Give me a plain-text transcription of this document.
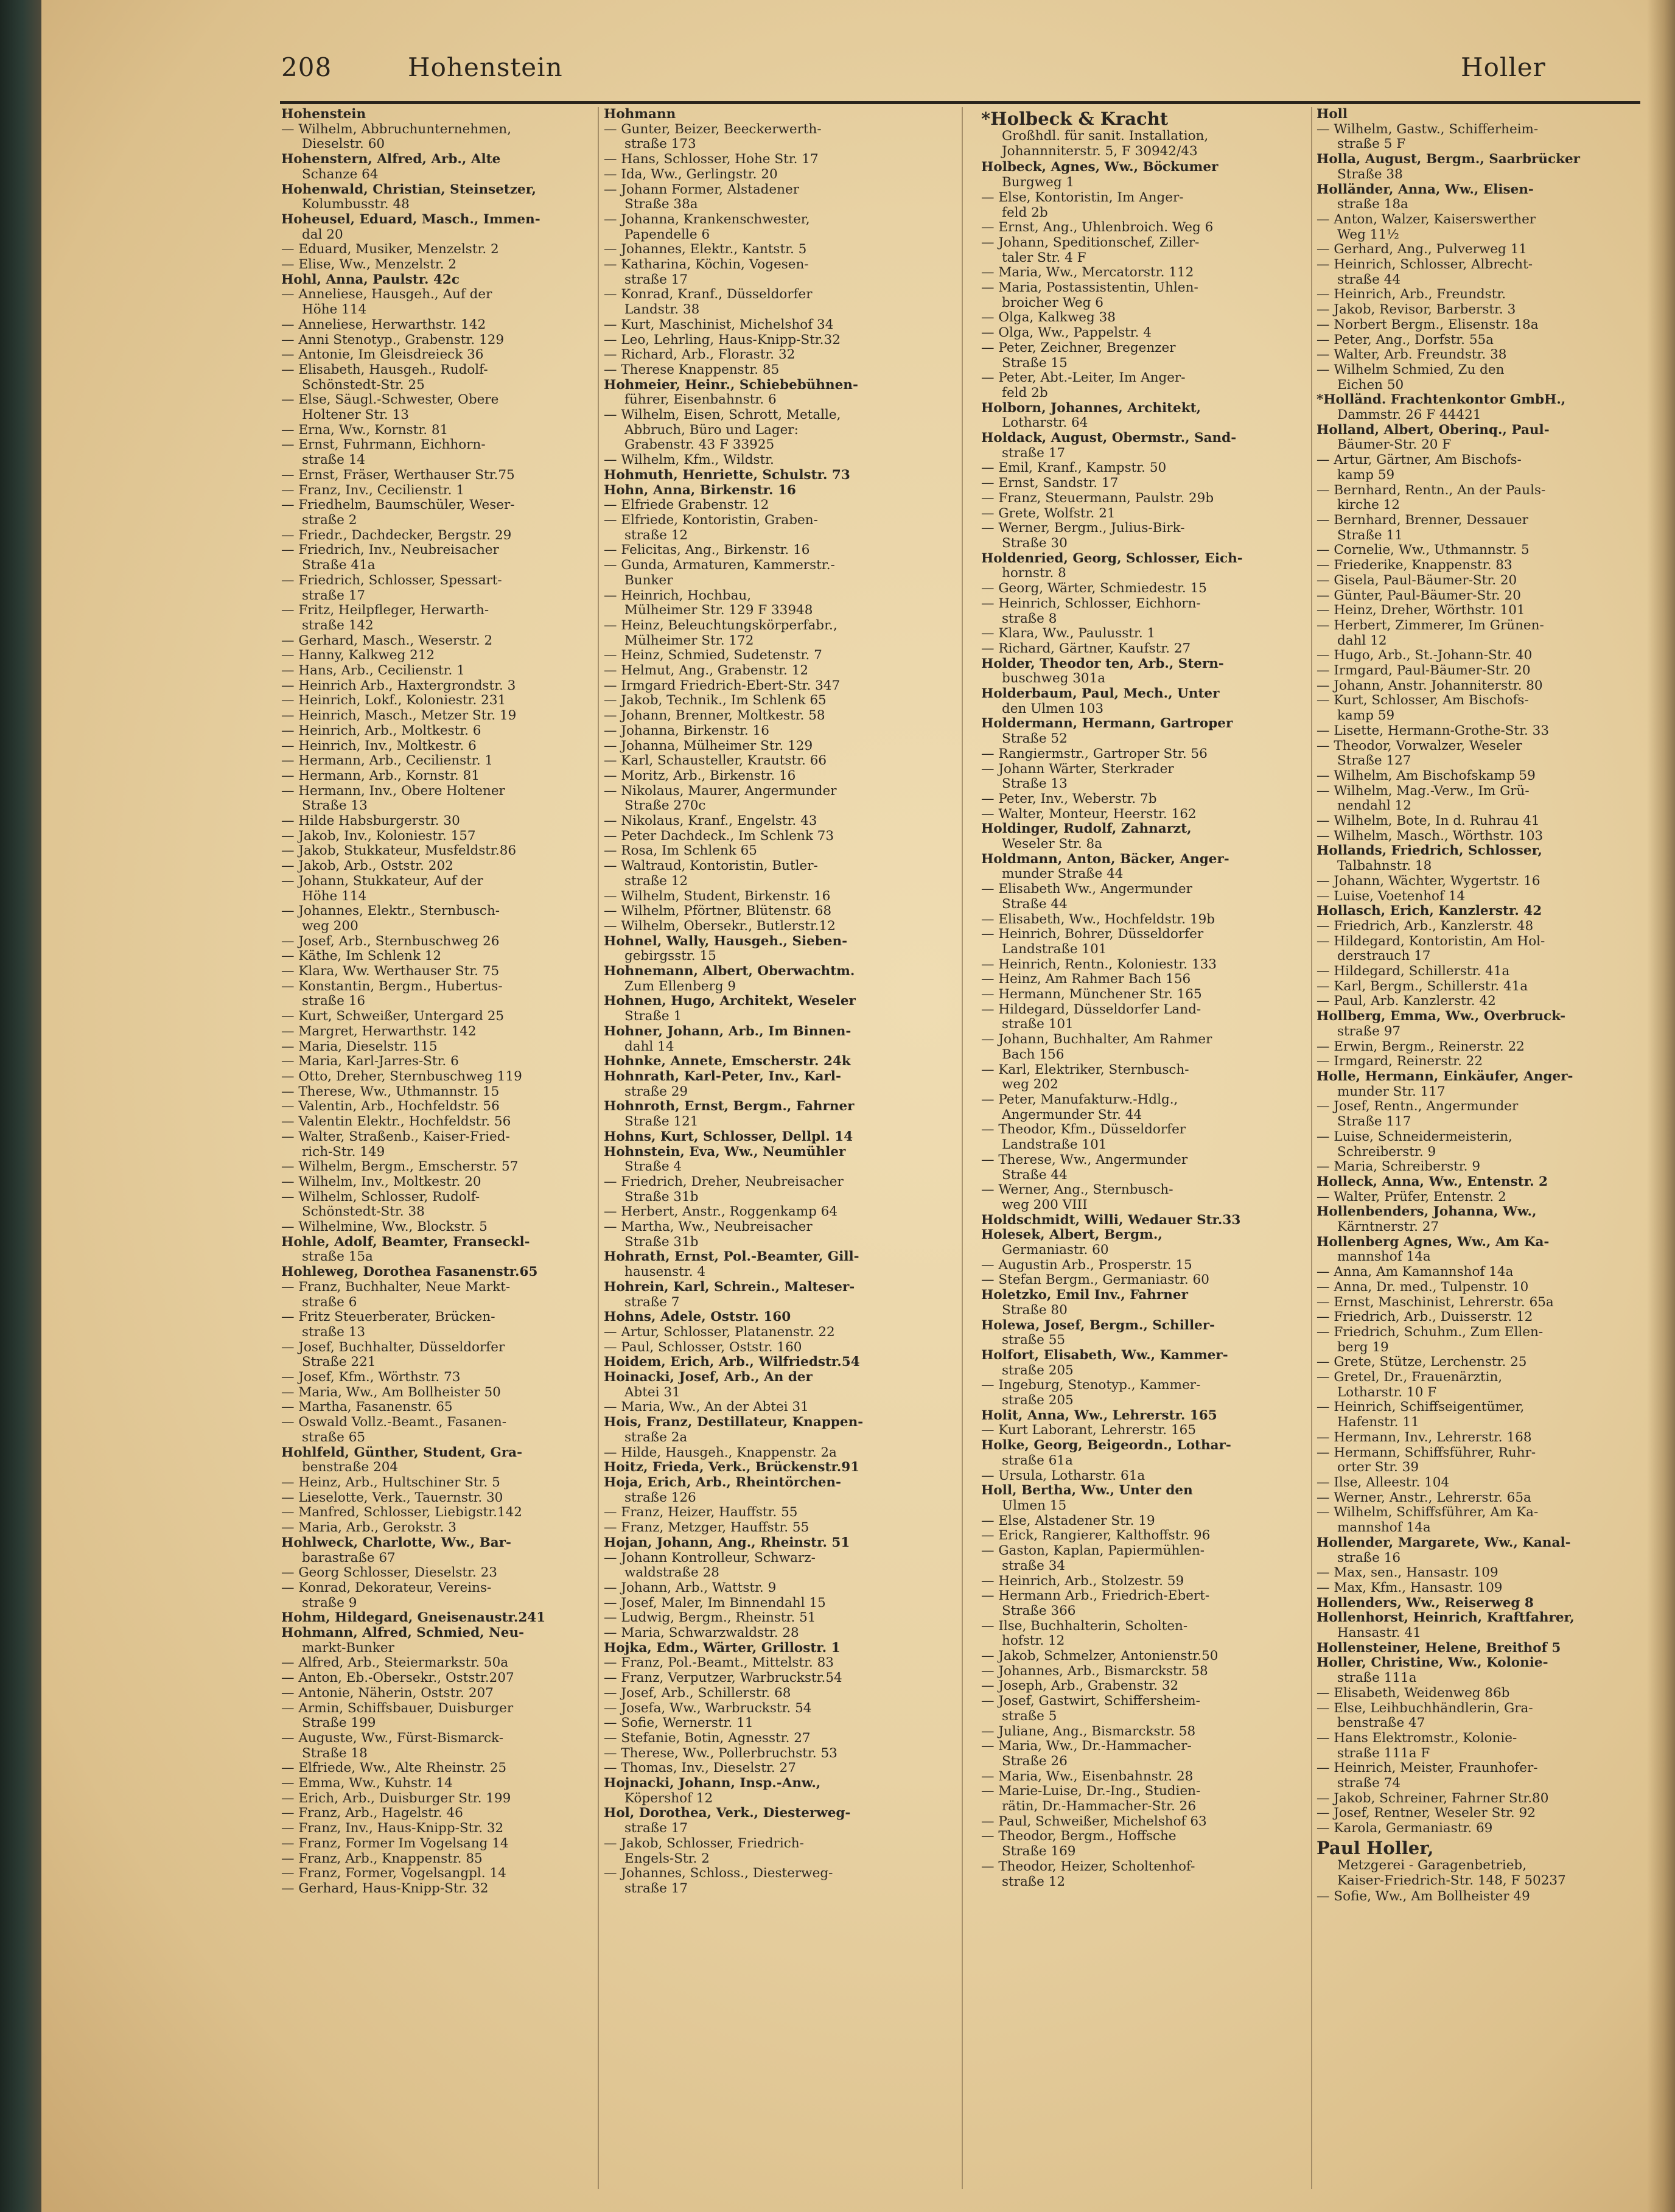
208	Hohenstein	Holler
Hohenstein
— Wilhelm, Abbruchunternehmen,
Dieselstr. 60
Hohenstern, Alfred, Arb., Alte
Schanze 64
Hohenwald, Christian, Steinsetzer,
Kolumbusstr. 48
Hoheusel, Eduard, Masch., Immen-
dal 20
— Eduard, Musiker, Menzelstr. 2
— Elise, Ww., Menzelstr. 2
Hohl, Anna, Paulstr. 42c
— Anneliese, Hausgeh., Auf der
Höhe 114
— Anneliese, Herwarthstr. 142
— Anni Stenotyp., Grabenstr. 129
— Antonie, Im Gleisdreieck 36
— Elisabeth, Hausgeh., Rudolf-
Schönstedt-Str. 25
— Else, Säugl.-Schwester, Obere
Holtener Str. 13
— Erna, Ww., Kornstr. 81
— Ernst, Fuhrmann, Eichhorn-
straße 14
— Ernst, Fräser, Werthauser Str.75
— Franz, Inv., Cecilienstr. 1
— Friedhelm, Baumschüler, Weser-
straße 2
— Friedr., Dachdecker, Bergstr. 29
— Friedrich, Inv., Neubreisacher
Straße 41a
— Friedrich, Schlosser, Spessart-
straße 17
— Fritz, Heilpfleger, Herwarth-
straße 142
— Gerhard, Masch., Weserstr. 2
— Hanny, Kalkweg 212
— Hans, Arb., Cecilienstr. 1
— Heinrich Arb., Haxtergrondstr. 3
— Heinrich, Lokf., Koloniestr. 231
— Heinrich, Masch., Metzer Str. 19
— Heinrich, Arb., Moltkestr. 6
— Heinrich, Inv., Moltkestr. 6
— Hermann, Arb., Cecilienstr. 1
— Hermann, Arb., Kornstr. 81
— Hermann, Inv., Obere Holtener
Straße 13
— Hilde Habsburgerstr. 30
— Jakob, Inv., Koloniestr. 157
— Jakob, Stukkateur, Musfeldstr.86
— Jakob, Arb., Oststr. 202
— Johann, Stukkateur, Auf der
Höhe 114
— Johannes, Elektr., Sternbusch-
weg 200
— Josef, Arb., Sternbuschweg 26
— Käthe, Im Schlenk 12
— Klara, Ww. Werthauser Str. 75
— Konstantin, Bergm., Hubertus-
straße 16
— Kurt, Schweißer, Untergard 25
— Margret, Herwarthstr. 142
— Maria, Dieselstr. 115
— Maria, Karl-Jarres-Str. 6
— Otto, Dreher, Sternbuschweg 119
— Therese, Ww., Uthmannstr. 15
— Valentin, Arb., Hochfeldstr. 56
— Valentin Elektr., Hochfeldstr. 56
— Walter, Straßenb., Kaiser-Fried-
rich-Str. 149
— Wilhelm, Bergm., Emscherstr. 57
— Wilhelm, Inv., Moltkestr. 20
— Wilhelm, Schlosser, Rudolf-
Schönstedt-Str. 38
— Wilhelmine, Ww., Blockstr. 5
Hohle, Adolf, Beamter, Franseckl-
straße 15a
Hohleweg, Dorothea Fasanenstr.65
— Franz, Buchhalter, Neue Markt-
straße 6
— Fritz Steuerberater, Brücken-
straße 13
— Josef, Buchhalter, Düsseldorfer
Straße 221
— Josef, Kfm., Wörthstr. 73
— Maria, Ww., Am Bollheister 50
— Martha, Fasanenstr. 65
— Oswald Vollz.-Beamt., Fasanen-
straße 65
Hohlfeld, Günther, Student, Gra-
benstraße 204
— Heinz, Arb., Hultschiner Str. 5
— Lieselotte, Verk., Tauernstr. 30
— Manfred, Schlosser, Liebigstr.142
— Maria, Arb., Gerokstr. 3
Hohlweck, Charlotte, Ww., Bar-
barastraße 67
— Georg Schlosser, Dieselstr. 23
— Konrad, Dekorateur, Vereins-
straße 9
Hohm, Hildegard, Gneisenaustr.241
Hohmann, Alfred, Schmied, Neu-
markt-Bunker
— Alfred, Arb., Steiermarkstr. 50a
— Anton, Eb.-Obersekr., Oststr.207
— Antonie, Näherin, Oststr. 207
— Armin, Schiffsbauer, Duisburger
Straße 199
— Auguste, Ww., Fürst-Bismarck-
Straße 18
— Elfriede, Ww., Alte Rheinstr. 25
— Emma, Ww., Kuhstr. 14
— Erich, Arb., Duisburger Str. 199
— Franz, Arb., Hagelstr. 46
— Franz, Inv., Haus-Knipp-Str. 32
— Franz, Former Im Vogelsang 14
— Franz, Arb., Knappenstr. 85
— Franz, Former, Vogelsangpl. 14
— Gerhard, Haus-Knipp-Str. 32
Hohmann
— Gunter, Beizer, Beeckerwerth-
straße 173
— Hans, Schlosser, Hohe Str. 17
— Ida, Ww., Gerlingstr. 20
— Johann Former, Alstadener
Straße 38a
— Johanna, Krankenschwester,
Papendelle 6
— Johannes, Elektr., Kantstr. 5
— Katharina, Köchin, Vogesen-
straße 17
— Konrad, Kranf., Düsseldorfer
Landstr. 38
— Kurt, Maschinist, Michelshof 34
— Leo, Lehrling, Haus-Knipp-Str.32
— Richard, Arb., Florastr. 32
— Therese Knappenstr. 85
Hohmeier, Heinr., Schiebebühnen-
führer, Eisenbahnstr. 6
— Wilhelm, Eisen, Schrott, Metalle,
Abbruch, Büro und Lager:
Grabenstr. 43 F 33925
— Wilhelm, Kfm., Wildstr.
Hohmuth, Henriette, Schulstr. 73
Hohn, Anna, Birkenstr. 16
— Elfriede Grabenstr. 12
— Elfriede, Kontoristin, Graben-
straße 12
— Felicitas, Ang., Birkenstr. 16
— Gunda, Armaturen, Kammerstr.-
Bunker
— Heinrich, Hochbau,
Mülheimer Str. 129 F 33948
— Heinz, Beleuchtungskörperfabr.,
Mülheimer Str. 172
— Heinz, Schmied, Sudetenstr. 7
— Helmut, Ang., Grabenstr. 12
— Irmgard Friedrich-Ebert-Str. 347
— Jakob, Technik., Im Schlenk 65
— Johann, Brenner, Moltkestr. 58
— Johanna, Birkenstr. 16
— Johanna, Mülheimer Str. 129
— Karl, Schausteller, Krautstr. 66
— Moritz, Arb., Birkenstr. 16
— Nikolaus, Maurer, Angermunder
Straße 270c
— Nikolaus, Kranf., Engelstr. 43
— Peter Dachdeck., Im Schlenk 73
— Rosa, Im Schlenk 65
— Waltraud, Kontoristin, Butler-
straße 12
— Wilhelm, Student, Birkenstr. 16
— Wilhelm, Pförtner, Blütenstr. 68
— Wilhelm, Obersekr., Butlerstr.12
Hohnel, Wally, Hausgeh., Sieben-
gebirgsstr. 15
Hohnemann, Albert, Oberwachtm.
Zum Ellenberg 9
Hohnen, Hugo, Architekt, Weseler
Straße 1
Hohner, Johann, Arb., Im Binnen-
dahl 14
Hohnke, Annete, Emscherstr. 24k
Hohnrath, Karl-Peter, Inv., Karl-
straße 29
Hohnroth, Ernst, Bergm., Fahrner
Straße 121
Hohns, Kurt, Schlosser, Dellpl. 14
Hohnstein, Eva, Ww., Neumühler
Straße 4
— Friedrich, Dreher, Neubreisacher
Straße 31b
— Herbert, Anstr., Roggenkamp 64
— Martha, Ww., Neubreisacher
Straße 31b
Hohrath, Ernst, Pol.-Beamter, Gill-
hausenstr. 4
Hohrein, Karl, Schrein., Malteser-
straße 7
Hohns, Adele, Oststr. 160
— Artur, Schlosser, Platanenstr. 22
— Paul, Schlosser, Oststr. 160
Hoidem, Erich, Arb., Wilfriedstr.54
Hoinacki, Josef, Arb., An der
Abtei 31
— Maria, Ww., An der Abtei 31
Hois, Franz, Destillateur, Knappen-
straße 2a
— Hilde, Hausgeh., Knappenstr. 2a
Hoitz, Frieda, Verk., Brückenstr.91
Hoja, Erich, Arb., Rheintörchen-
straße 126
— Franz, Heizer, Hauffstr. 55
— Franz, Metzger, Hauffstr. 55
Hojan, Johann, Ang., Rheinstr. 51
— Johann Kontrolleur, Schwarz-
waldstraße 28
— Johann, Arb., Wattstr. 9
— Josef, Maler, Im Binnendahl 15
— Ludwig, Bergm., Rheinstr. 51
— Maria, Schwarzwaldstr. 28
Hojka, Edm., Wärter, Grillostr. 1
— Franz, Pol.-Beamt., Mittelstr. 83
— Franz, Verputzer, Warbruckstr.54
— Josef, Arb., Schillerstr. 68
— Josefa, Ww., Warbruckstr. 54
— Sofie, Wernerstr. 11
— Stefanie, Botin, Agnesstr. 27
— Therese, Ww., Pollerbruchstr. 53
— Thomas, Inv., Dieselstr. 27
Hojnacki, Johann, Insp.-Anw.,
Köpershof 12
Hol, Dorothea, Verk., Diesterweg-
straße 17
— Jakob, Schlosser, Friedrich-
Engels-Str. 2
— Johannes, Schloss., Diesterweg-
straße 17
*Holbeck & Kracht
Großhdl. für sanit. Installation,
Johannniterstr. 5, F 30942/43
Holbeck, Agnes, Ww., Böckumer
Burgweg 1
— Else, Kontoristin, Im Anger-
feld 2b
— Ernst, Ang., Uhlenbroich. Weg 6
— Johann, Speditionschef, Ziller-
taler Str. 4 F
— Maria, Ww., Mercatorstr. 112
— Maria, Postassistentin, Uhlen-
broicher Weg 6
— Olga, Kalkweg 38
— Olga, Ww., Pappelstr. 4
— Peter, Zeichner, Bregenzer
Straße 15
— Peter, Abt.-Leiter, Im Anger-
feld 2b
Holborn, Johannes, Architekt,
Lotharstr. 64
Holdack, August, Obermstr., Sand-
straße 17
— Emil, Kranf., Kampstr. 50
— Ernst, Sandstr. 17
— Franz, Steuermann, Paulstr. 29b
— Grete, Wolfstr. 21
— Werner, Bergm., Julius-Birk-
Straße 30
Holdenried, Georg, Schlosser, Eich-
hornstr. 8
— Georg, Wärter, Schmiedestr. 15
— Heinrich, Schlosser, Eichhorn-
straße 8
— Klara, Ww., Paulusstr. 1
— Richard, Gärtner, Kaufstr. 27
Holder, Theodor ten, Arb., Stern-
buschweg 301a
Holderbaum, Paul, Mech., Unter
den Ulmen 103
Holdermann, Hermann, Gartroper
Straße 52
— Rangiermstr., Gartroper Str. 56
— Johann Wärter, Sterkrader
Straße 13
— Peter, Inv., Weberstr. 7b
— Walter, Monteur, Heerstr. 162
Holdinger, Rudolf, Zahnarzt,
Weseler Str. 8a
Holdmann, Anton, Bäcker, Anger-
munder Straße 44
— Elisabeth Ww., Angermunder
Straße 44
— Elisabeth, Ww., Hochfeldstr. 19b
— Heinrich, Bohrer, Düsseldorfer
Landstraße 101
— Heinrich, Rentn., Koloniestr. 133
— Heinz, Am Rahmer Bach 156
— Hermann, Münchener Str. 165
— Hildegard, Düsseldorfer Land-
straße 101
— Johann, Buchhalter, Am Rahmer
Bach 156
— Karl, Elektriker, Sternbusch-
weg 202
— Peter, Manufakturw.-Hdlg.,
Angermunder Str. 44
— Theodor, Kfm., Düsseldorfer
Landstraße 101
— Therese, Ww., Angermunder
Straße 44
— Werner, Ang., Sternbusch-
weg 200 VIII
Holdschmidt, Willi, Wedauer Str.33
Holesek, Albert, Bergm.,
Germaniastr. 60
— Augustin Arb., Prosperstr. 15
— Stefan Bergm., Germaniastr. 60
Holetzko, Emil Inv., Fahrner
Straße 80
Holewa, Josef, Bergm., Schiller-
straße 55
Holfort, Elisabeth, Ww., Kammer-
straße 205
— Ingeburg, Stenotyp., Kammer-
straße 205
Holit, Anna, Ww., Lehrerstr. 165
— Kurt Laborant, Lehrerstr. 165
Holke, Georg, Beigeordn., Lothar-
straße 61a
— Ursula, Lotharstr. 61a
Holl, Bertha, Ww., Unter den
Ulmen 15
— Else, Alstadener Str. 19
— Erick, Rangierer, Kalthoffstr. 96
— Gaston, Kaplan, Papiermühlen-
straße 34
— Heinrich, Arb., Stolzestr. 59
— Hermann Arb., Friedrich-Ebert-
Straße 366
— Ilse, Buchhalterin, Scholten-
hofstr. 12
— Jakob, Schmelzer, Antonienstr.50
— Johannes, Arb., Bismarckstr. 58
— Joseph, Arb., Grabenstr. 32
— Josef, Gastwirt, Schiffersheim-
straße 5
— Juliane, Ang., Bismarckstr. 58
— Maria, Ww., Dr.-Hammacher-
Straße 26
— Maria, Ww., Eisenbahnstr. 28
— Marie-Luise, Dr.-Ing., Studien-
rätin, Dr.-Hammacher-Str. 26
— Paul, Schweißer, Michelshof 63
— Theodor, Bergm., Hoffsche
Straße 169
— Theodor, Heizer, Scholtenhof-
straße 12
Holl
— Wilhelm, Gastw., Schifferheim-
straße 5 F
Holla, August, Bergm., Saarbrücker
Straße 38
Holländer, Anna, Ww., Elisen-
straße 18a
— Anton, Walzer, Kaiserswerther
Weg 11½
— Gerhard, Ang., Pulverweg 11
— Heinrich, Schlosser, Albrecht-
straße 44
— Heinrich, Arb., Freundstr.
— Jakob, Revisor, Barberstr. 3
— Norbert Bergm., Elisenstr. 18a
— Peter, Ang., Dorfstr. 55a
— Walter, Arb. Freundstr. 38
— Wilhelm Schmied, Zu den
Eichen 50
*Holländ. Frachtenkontor GmbH.,
Dammstr. 26 F 44421
Holland, Albert, Oberinq., Paul-
Bäumer-Str. 20 F
— Artur, Gärtner, Am Bischofs-
kamp 59
— Bernhard, Rentn., An der Pauls-
kirche 12
— Bernhard, Brenner, Dessauer
Straße 11
— Cornelie, Ww., Uthmannstr. 5
— Friederike, Knappenstr. 83
— Gisela, Paul-Bäumer-Str. 20
— Günter, Paul-Bäumer-Str. 20
— Heinz, Dreher, Wörthstr. 101
— Herbert, Zimmerer, Im Grünen-
dahl 12
— Hugo, Arb., St.-Johann-Str. 40
— Irmgard, Paul-Bäumer-Str. 20
— Johann, Anstr. Johanniterstr. 80
— Kurt, Schlosser, Am Bischofs-
kamp 59
— Lisette, Hermann-Grothe-Str. 33
— Theodor, Vorwalzer, Weseler
Straße 127
— Wilhelm, Am Bischofskamp 59
— Wilhelm, Mag.-Verw., Im Grü-
nendahl 12
— Wilhelm, Bote, In d. Ruhrau 41
— Wilhelm, Masch., Wörthstr. 103
Hollands, Friedrich, Schlosser,
Talbahnstr. 18
— Johann, Wächter, Wygertstr. 16
— Luise, Voetenhof 14
Hollasch, Erich, Kanzlerstr. 42
— Friedrich, Arb., Kanzlerstr. 48
— Hildegard, Kontoristin, Am Hol-
derstrauch 17
— Hildegard, Schillerstr. 41a
— Karl, Bergm., Schillerstr. 41a
— Paul, Arb. Kanzlerstr. 42
Hollberg, Emma, Ww., Overbruck-
straße 97
— Erwin, Bergm., Reinerstr. 22
— Irmgard, Reinerstr. 22
Holle, Hermann, Einkäufer, Anger-
munder Str. 117
— Josef, Rentn., Angermunder
Straße 117
— Luise, Schneidermeisterin,
Schreiberstr. 9
— Maria, Schreiberstr. 9
Holleck, Anna, Ww., Entenstr. 2
— Walter, Prüfer, Entenstr. 2
Hollenbenders, Johanna, Ww.,
Kärntnerstr. 27
Hollenberg Agnes, Ww., Am Ka-
mannshof 14a
— Anna, Am Kamannshof 14a
— Anna, Dr. med., Tulpenstr. 10
— Ernst, Maschinist, Lehrerstr. 65a
— Friedrich, Arb., Duisserstr. 12
— Friedrich, Schuhm., Zum Ellen-
berg 19
— Grete, Stütze, Lerchenstr. 25
— Gretel, Dr., Frauenärztin,
Lotharstr. 10 F
— Heinrich, Schiffseigentümer,
Hafenstr. 11
— Hermann, Inv., Lehrerstr. 168
— Hermann, Schiffsführer, Ruhr-
orter Str. 39
— Ilse, Alleestr. 104
— Werner, Anstr., Lehrerstr. 65a
— Wilhelm, Schiffsführer, Am Ka-
mannshof 14a
Hollender, Margarete, Ww., Kanal-
straße 16
— Max, sen., Hansastr. 109
— Max, Kfm., Hansastr. 109
Hollenders, Ww., Reiserweg 8
Hollenhorst, Heinrich, Kraftfahrer,
Hansastr. 41
Hollensteiner, Helene, Breithof 5
Holler, Christine, Ww., Kolonie-
straße 111a
— Elisabeth, Weidenweg 86b
— Else, Leihbuchhändlerin, Gra-
benstraße 47
— Hans Elektromstr., Kolonie-
straße 111a F
— Heinrich, Meister, Fraunhofer-
straße 74
— Jakob, Schreiner, Fahrner Str.80
— Josef, Rentner, Weseler Str. 92
— Karola, Germaniastr. 69
Paul Holler,
Metzgerei - Garagenbetrieb,
Kaiser-Friedrich-Str. 148, F 50237
— Sofie, Ww., Am Bollheister 49
